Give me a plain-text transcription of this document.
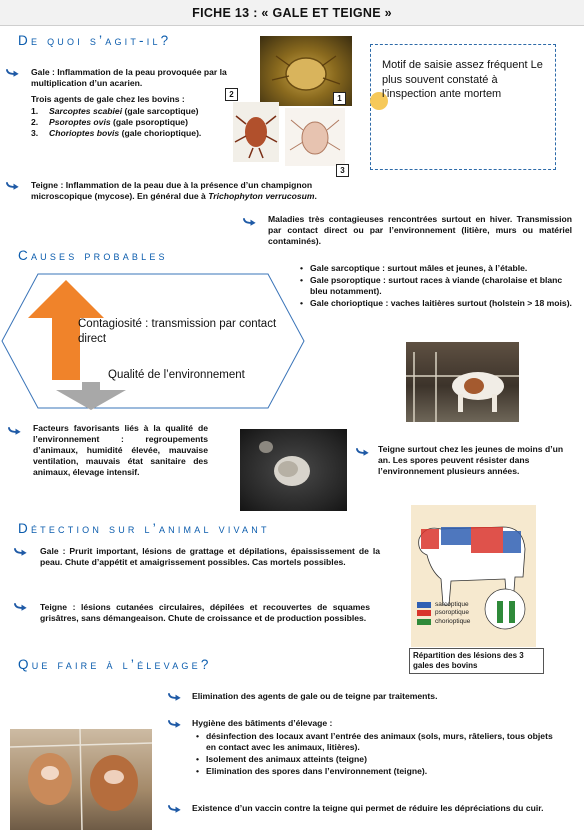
FICHE 13 : « GALE ET TEIGNE »
De quoi s’agit-il?
Gale : Inflammation de la peau provoquée par la multiplication d’un acarien.
Trois agents de gale chez les bovins :
1. Sarcoptes scabiei (gale sarcoptique)
2. Psoroptes ovis (gale psoroptique)
3. Chorioptes bovis (gale chorioptique).
1
2
3
Motif de saisie assez fréquent Le plus souvent constaté à l’inspection ante mortem
Teigne : Inflammation de la peau due à la présence d’un champignon microscopique (mycose). En général due à Trichophyton verrucosum.
Maladies très contagieuses rencontrées surtout en hiver. Transmission par contact direct ou par l’environnement (litière, murs ou matériel contaminés).
• Gale sarcoptique : surtout mâles et jeunes, à l’étable.
• Gale psoroptique : surtout races à viande (charolaise et blanc bleu notamment).
• Gale chorioptique : vaches laitières surtout (holstein > 18 mois).
Causes probables
Contagiosité : transmission par contact direct
Qualité de l’environnement
Facteurs favorisants liés à la qualité de l’environnement : regroupements d’animaux, humidité élevée, mauvaise ventilation, mauvais état sanitaire des animaux, élevage intensif.
Teigne surtout chez les jeunes de moins d’un an. Les spores peuvent résister dans l’environnement plusieurs années.
Détection sur l’animal vivant
Gale : Prurit important, lésions de grattage et dépilations, épaississement de la peau. Chute d’appétit et amaigrissement possibles. Cas mortels possibles.
Teigne : lésions cutanées circulaires, dépilées et recouvertes de squames grisâtres, sans démangeaison. Chute de croissance et de production possibles.
sarcoptique
psoroptique
chorioptique
Répartition des lésions des 3 gales des bovins
Que faire à l’élevage?
Elimination des agents de gale ou de teigne par traitements.
Hygiène des bâtiments d’élevage :
• désinfection des locaux avant l’entrée des animaux (sols, murs, râteliers, tous objets en contact avec les animaux, litières).
• Isolement des animaux atteints (teigne)
• Elimination des spores dans l’environnement (teigne).
Existence d’un vaccin contre la teigne qui permet de réduire les dépréciations du cuir.
